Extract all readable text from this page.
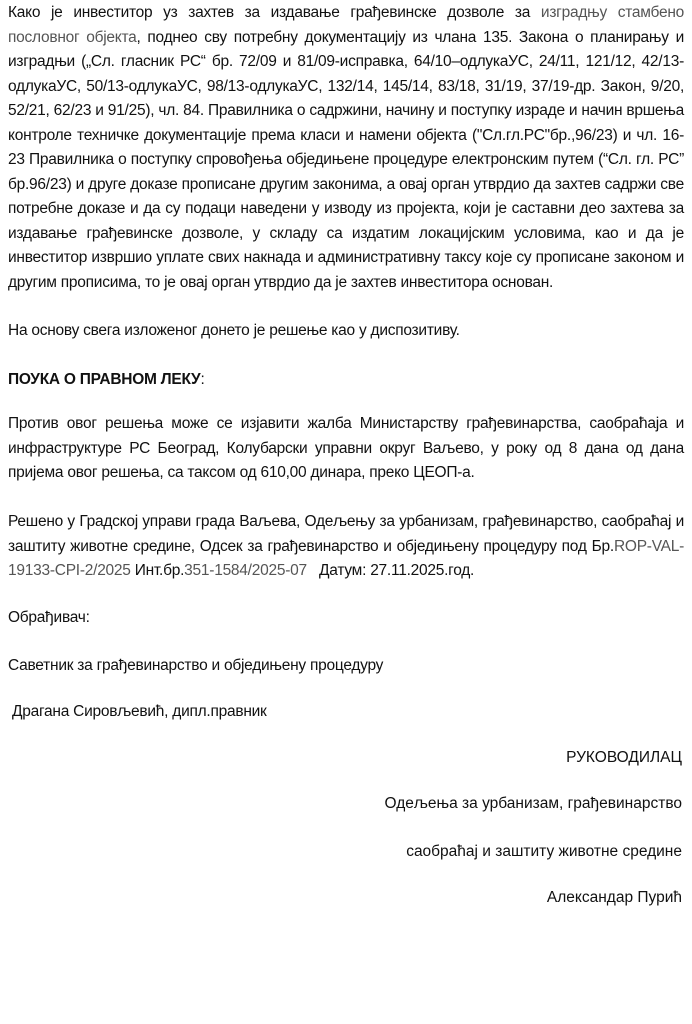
Како је инвеститор уз захтев за издавање грађевинске дозволе за изградњу стамбено пословног објекта, поднео сву потребну документацију из члана 135. Закона о планирању и изградњи („Сл. гласник РС“ бр. 72/09 и 81/09-исправка, 64/10–одлукаУС, 24/11, 121/12, 42/13-одлукаУС, 50/13-одлукаУС, 98/13-одлукаУС, 132/14, 145/14, 83/18, 31/19, 37/19-др. Закон, 9/20, 52/21, 62/23 и 91/25), чл. 84. Правилника о садржини, начину и поступку израде и начин вршења контроле техничке документације према класи и намени објекта ("Сл.гл.РС"бр.,96/23) и чл. 16-23 Правилника о поступку спровођења обједињене процедуре електронским путем (“Сл. гл. РС” бр.96/23) и друге доказе прописане другим законима, а овај орган утврдио да захтев садржи све потребне доказе и да су подаци наведени у изводу из пројекта, који је саставни део захтева за издавање грађевинске дозволе, у складу са издатим локацијским условима, као и да је инвеститор извршио уплате свих накнада и административну таксу које су прописане законом и другим прописима, то је овај орган утврдио да је захтев инвеститора основан.

На основу свега изложеног донето је решење као у диспозитиву.

ПОУКА О ПРАВНОМ ЛЕКУ:

Против овог решења може се изјавити жалба Министарству грађевинарства, саобраћаја и инфраструктуре РС Београд, Колубарски управни округ Ваљево, у року од 8 дана од дана пријема овог решења, са таксом од 610,00 динара, преко ЦЕОП-а.

Решено у Градској управи града Ваљева, Одељењу за урбанизам, грађевинарство, саобраћај и заштиту животне средине, Одсек за грађевинарство и обједињену процедуру под Бр.ROP-VAL-19133-CPI-2/2025 Инт.бр.351-1584/2025-07   Датум: 27.11.2025.год.

Обрађивач:

Саветник за грађевинарство и обједињену процедуру

Драгана Сировљевић, дипл.правник

РУКОВОДИЛАЦ
Одељења за урбанизам, грађевинарство
саобраћај и заштиту животне средине
Александар Пурић
